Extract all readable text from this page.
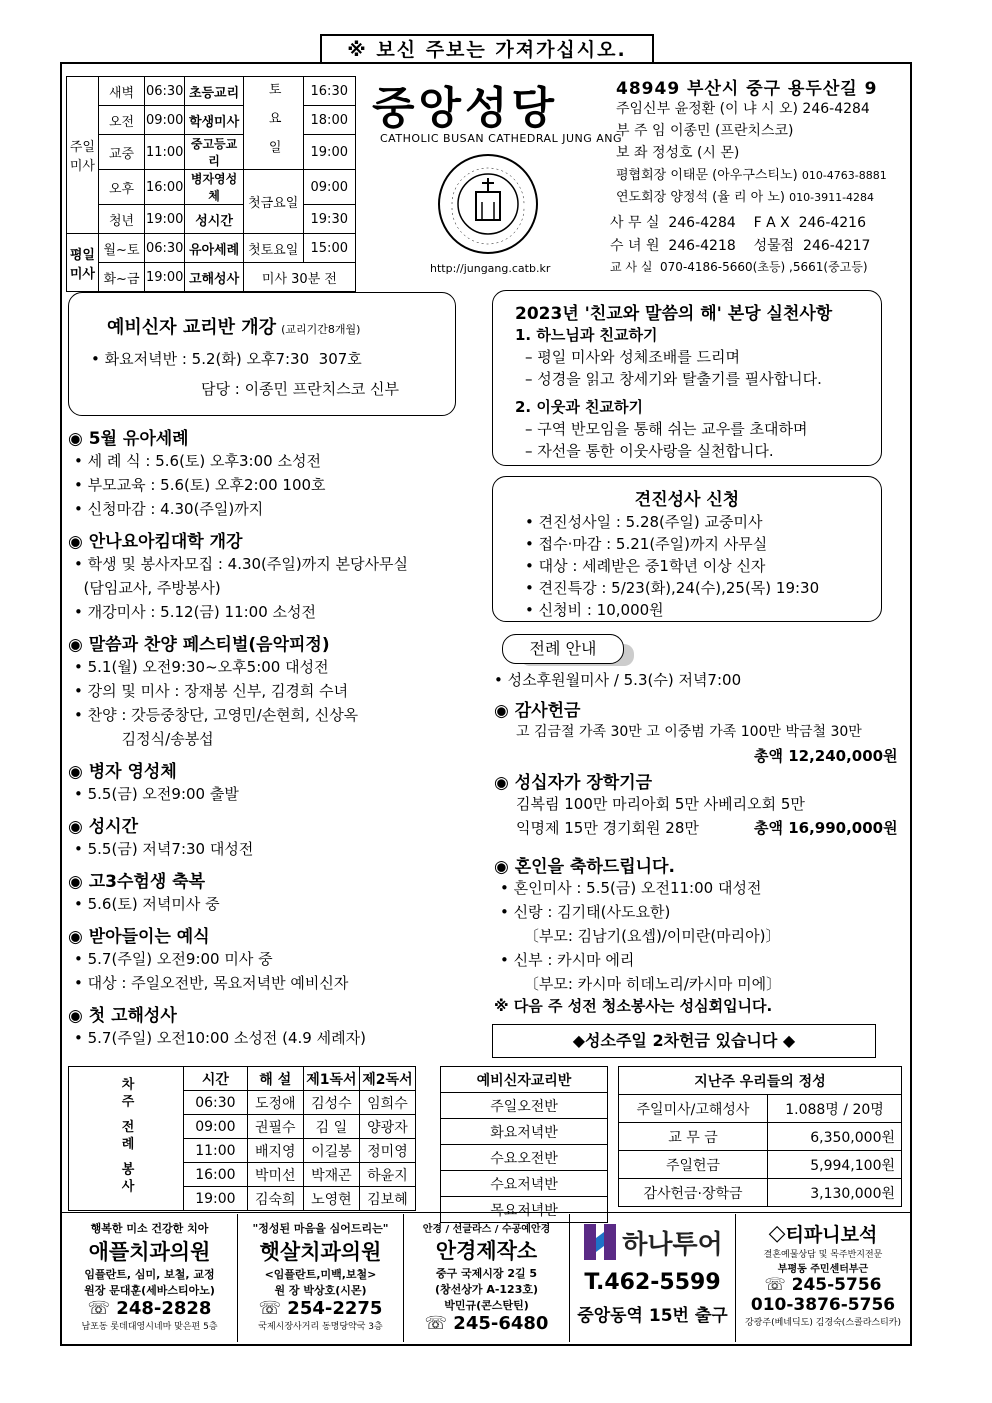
※ 보신 주보는 가져가십시오.
주일 미사	새벽	06:30	초등교리	토 요 일	16:30
	오전	09:00	학생미사		18:00
	교중	11:00	중고등교리		19:00
	오후	16:00	병자영성체	첫금요일	09:00
	청년	19:00	성시간		19:30
평일 미사	월~토	06:30	유아세례	첫토요일	15:00
	화~금	19:00	고해성사	미사 30분 전	
중앙성당
CATHOLIC BUSAN CATHEDRAL JUNG ANG
http://jungang.catb.kr
48949 부산시 중구 용두산길 9
주임신부 윤정환 (이 냐 시 오) 246-4284
부 주 임 이종민 (프란치스코)
보 좌 정성호 (시 몬)
평협회장 이태문 (아우구스티노) 010-4763-8881
연도회장 양정석 (율 리 아 노) 010-3911-4284
사 무 실  246-4284    F A X  246-4216
수 녀 원  246-4218    성물점  246-4217
교 사 실  070-4186-5660(초등) ,5661(중고등)
예비신자 교리반 개강 (교리기간8개월)
• 화요저녁반 : 5.2(화) 오후7:30  307호
담당 : 이종민 프란치스코 신부
◉ 5월 유아세례
• 세 례 식 : 5.6(토) 오후3:00 소성전
• 부모교육 : 5.6(토) 오후2:00 100호
• 신청마감 : 4.30(주일)까지
◉ 안나요아킴대학 개강
• 학생 및 봉사자모집 : 4.30(주일)까지 본당사무실
(담임교사, 주방봉사)
• 개강미사 : 5.12(금) 11:00 소성전
◉ 말씀과 찬양 페스티벌(음악피정)
• 5.1(월) 오전9:30~오후5:00 대성전
• 강의 및 미사 : 장재봉 신부, 김경희 수녀
• 찬양 : 갓등중창단, 고영민/손현희, 신상옥
김정식/송봉섭
◉ 병자 영성체
• 5.5(금) 오전9:00 출발
◉ 성시간
• 5.5(금) 저녁7:30 대성전
◉ 고3수험생 축복
• 5.6(토) 저녁미사 중
◉ 받아들이는 예식
• 5.7(주일) 오전9:00 미사 중
• 대상 : 주일오전반, 목요저녁반 예비신자
◉ 첫 고해성사
• 5.7(주일) 오전10:00 소성전 (4.9 세례자)
2023년 '친교와 말씀의 해' 본당 실천사항
1. 하느님과 친교하기
– 평일 미사와 성체조배를 드리며
– 성경을 읽고 창세기와 탈출기를 필사합니다.
2. 이웃과 친교하기
– 구역 반모임을 통해 쉬는 교우를 초대하며
– 자선을 통한 이웃사랑을 실천합니다.
견진성사 신청
• 견진성사일 : 5.28(주일) 교중미사
• 접수·마감 : 5.21(주일)까지 사무실
• 대상 : 세례받은 중1학년 이상 신자
• 견진특강 : 5/23(화),24(수),25(목) 19:30
• 신청비 : 10,000원
전례 안내
• 성소후원월미사 / 5.3(수) 저녁7:00
◉ 감사헌금
고 김금절 가족 30만 고 이중범 가족 100만 박금철 30만
총액 12,240,000원
◉ 성십자가 장학기금
김복림 100만 마리아회 5만 사베리오회 5만
익명제 15만 경기회원 28만	총액 16,990,000원
◉ 혼인을 축하드립니다.
• 혼인미사 : 5.5(금) 오전11:00 대성전
• 신랑 : 김기태(사도요한)
〔부모: 김남기(요셉)/이미란(마리아)〕
• 신부 : 카시마 에리
〔부모: 카시마 히데노리/카시마 미에〕
※ 다음 주 성전 청소봉사는 성심회입니다.
◆성소주일 2차헌금 있습니다 ◆
차주 전례 봉사	시간	해 설	제1독서	제2독서
	06:30	도정애	김성수	임희수
	09:00	권필수	김 일	양광자
	11:00	배지영	이길봉	정미영
	16:00	박미선	박재곤	하윤지
	19:00	김숙희	노영현	김보혜
예비신자교리반
주일오전반
화요저녁반
수요오전반
수요저녁반
목요저녁반
지난주 우리들의 정성	
주일미사/고해성사	1.088명 / 20명
교 무 금	6,350,000원
주일헌금	5,994,100원
감사헌금·장학금	3,130,000원
행복한 미소 건강한 치아
애플치과의원
임플란트, 심미, 보철, 교정
원장 문대훈(세바스티아노)
☏ 248-2828
남포동 롯데대영시네마 맞은편 5층
"정성된 마음을 심어드리는"
햇살치과의원
<임플란트,미백,보철>
원 장 박상호(시몬)
☏ 254-2275
국제시장사거리 동명당약국 3층
안경 / 선글라스 / 수공예안경
안경제작소
중구 국제시장 2길 5
(창선상가 A-123호)
박민규(콘스탄틴)
☏ 245-6480
하나투어
T.462-5599
중앙동역 15번 출구
◇ 티파니보석
결혼예물상담 및 목주반지전문
부평동 주민센터부근
☏ 245-5756
010-3876-5756
강광주(베네딕도) 김경숙(스콜라스티카)
